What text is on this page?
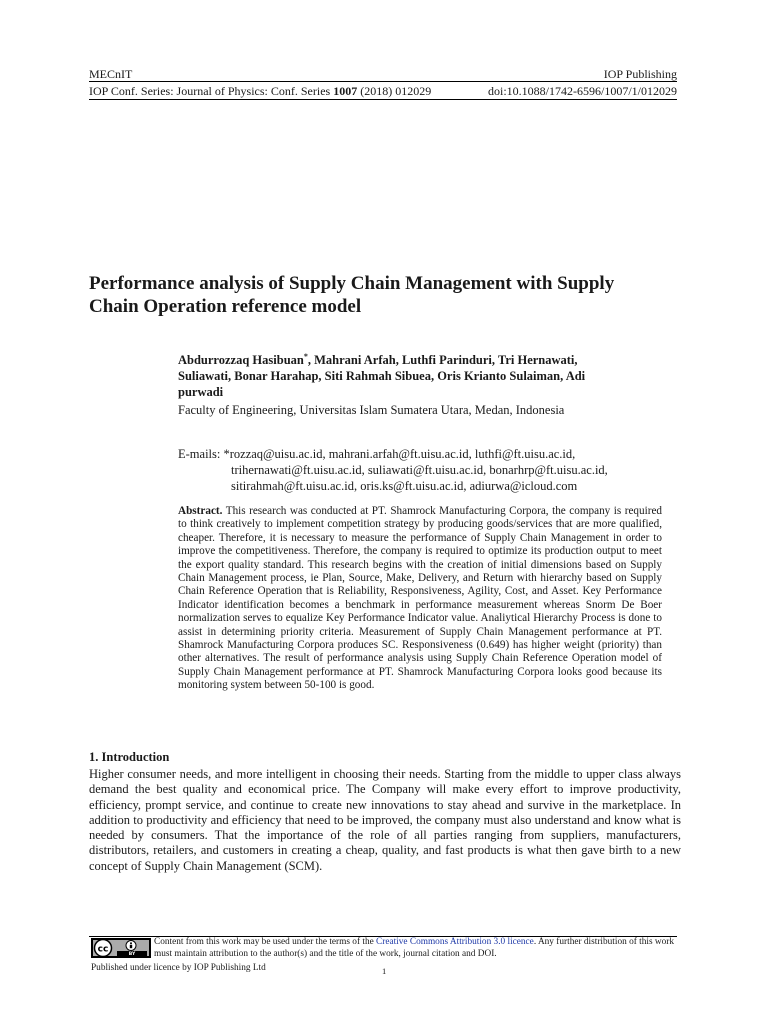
MECnIT	IOP Publishing
IOP Conf. Series: Journal of Physics: Conf. Series 1007 (2018) 012029	doi:10.1088/1742-6596/1007/1/012029
Performance analysis of Supply Chain Management with Supply
Chain Operation reference model
Abdurrozzaq Hasibuan*, Mahrani Arfah, Luthfi Parinduri, Tri Hernawati,
Suliawati, Bonar Harahap, Siti Rahmah Sibuea, Oris Krianto Sulaiman, Adi
purwadi
Faculty of Engineering, Universitas Islam Sumatera Utara, Medan, Indonesia
E-mails: *rozzaq@uisu.ac.id, mahrani.arfah@ft.uisu.ac.id, luthfi@ft.uisu.ac.id,
trihernawati@ft.uisu.ac.id, suliawati@ft.uisu.ac.id, bonarhrp@ft.uisu.ac.id,
sitirahmah@ft.uisu.ac.id, oris.ks@ft.uisu.ac.id, adiurwa@icloud.com
Abstract. This research was conducted at PT. Shamrock Manufacturing Corpora, the company is required to think creatively to implement competition strategy by producing goods/services that are more qualified, cheaper. Therefore, it is necessary to measure the performance of Supply Chain Management in order to improve the competitiveness. Therefore, the company is required to optimize its production output to meet the export quality standard. This research begins with the creation of initial dimensions based on Supply Chain Management process, ie Plan, Source, Make, Delivery, and Return with hierarchy based on Supply Chain Reference Operation that is Reliability, Responsiveness, Agility, Cost, and Asset. Key Performance Indicator identification becomes a benchmark in performance measurement whereas Snorm De Boer normalization serves to equalize Key Performance Indicator value. Analiytical Hierarchy Process is done to assist in determining priority criteria. Measurement of Supply Chain Management performance at PT. Shamrock Manufacturing Corpora produces SC. Responsiveness (0.649) has higher weight (priority) than other alternatives. The result of performance analysis using Supply Chain Reference Operation model of Supply Chain Management performance at PT. Shamrock Manufacturing Corpora looks good because its monitoring system between 50-100 is good.
1. Introduction
Higher consumer needs, and more intelligent in choosing their needs. Starting from the middle to upper class always demand the best quality and economical price. The Company will make every effort to improve productivity, efficiency, prompt service, and continue to create new innovations to stay ahead and survive in the marketplace. In addition to productivity and efficiency that need to be improved, the company must also understand and know what is needed by consumers. That the importance of the role of all parties ranging from suppliers, manufacturers, distributors, retailers, and customers in creating a cheap, quality, and fast products is what then gave birth to a new concept of Supply Chain Management (SCM).
cc
BY
Content from this work may be used under the terms of the Creative Commons Attribution 3.0 licence. Any further distribution of this work must maintain attribution to the author(s) and the title of the work, journal citation and DOI.
Published under licence by IOP Publishing Ltd	1
